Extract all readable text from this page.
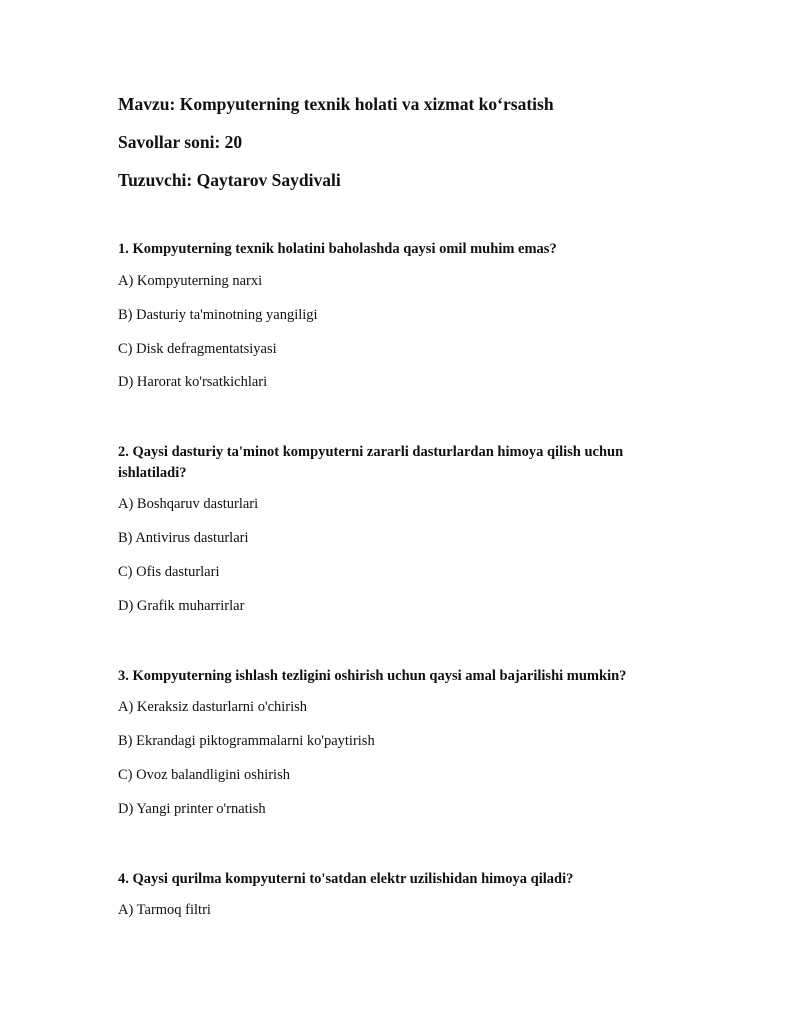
Mavzu: Kompyuterning texnik holati va xizmat ko‘rsatish
Savollar soni: 20
Tuzuvchi: Qaytarov Saydivali
1. Kompyuterning texnik holatini baholashda qaysi omil muhim emas?
A) Kompyuterning narxi
B) Dasturiy ta'minotning yangiligi
C) Disk defragmentatsiyasi
D) Harorat ko'rsatkichlari
2. Qaysi dasturiy ta'minot kompyuterni zararli dasturlardan himoya qilish uchun ishlatiladi?
A) Boshqaruv dasturlari
B) Antivirus dasturlari
C) Ofis dasturlari
D) Grafik muharrirlar
3. Kompyuterning ishlash tezligini oshirish uchun qaysi amal bajarilishi mumkin?
A) Keraksiz dasturlarni o'chirish
B) Ekrandagi piktogrammalarni ko'paytirish
C) Ovoz balandligini oshirish
D) Yangi printer o'rnatish
4. Qaysi qurilma kompyuterni to'satdan elektr uzilishidan himoya qiladi?
A) Tarmoq filtri
